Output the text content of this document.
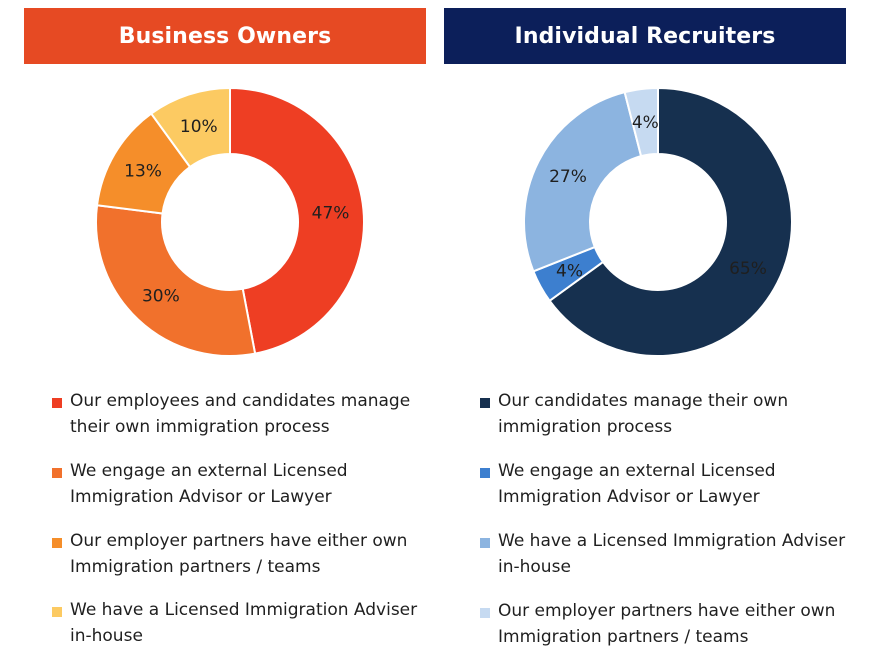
Business Owners
47%
30%
13%
10%
Our employees and candidates manage their own immigration process
We engage an external Licensed Immigration Advisor or Lawyer
Our employer partners have either own Immigration partners / teams
We have a Licensed Immigration Adviser in-house
Individual Recruiters
65%
4%
27%
4%
Our candidates manage their own immigration process
We engage an external Licensed Immigration Advisor or Lawyer
We have a Licensed Immigration Adviser in-house
Our employer partners have either own Immigration partners / teams
